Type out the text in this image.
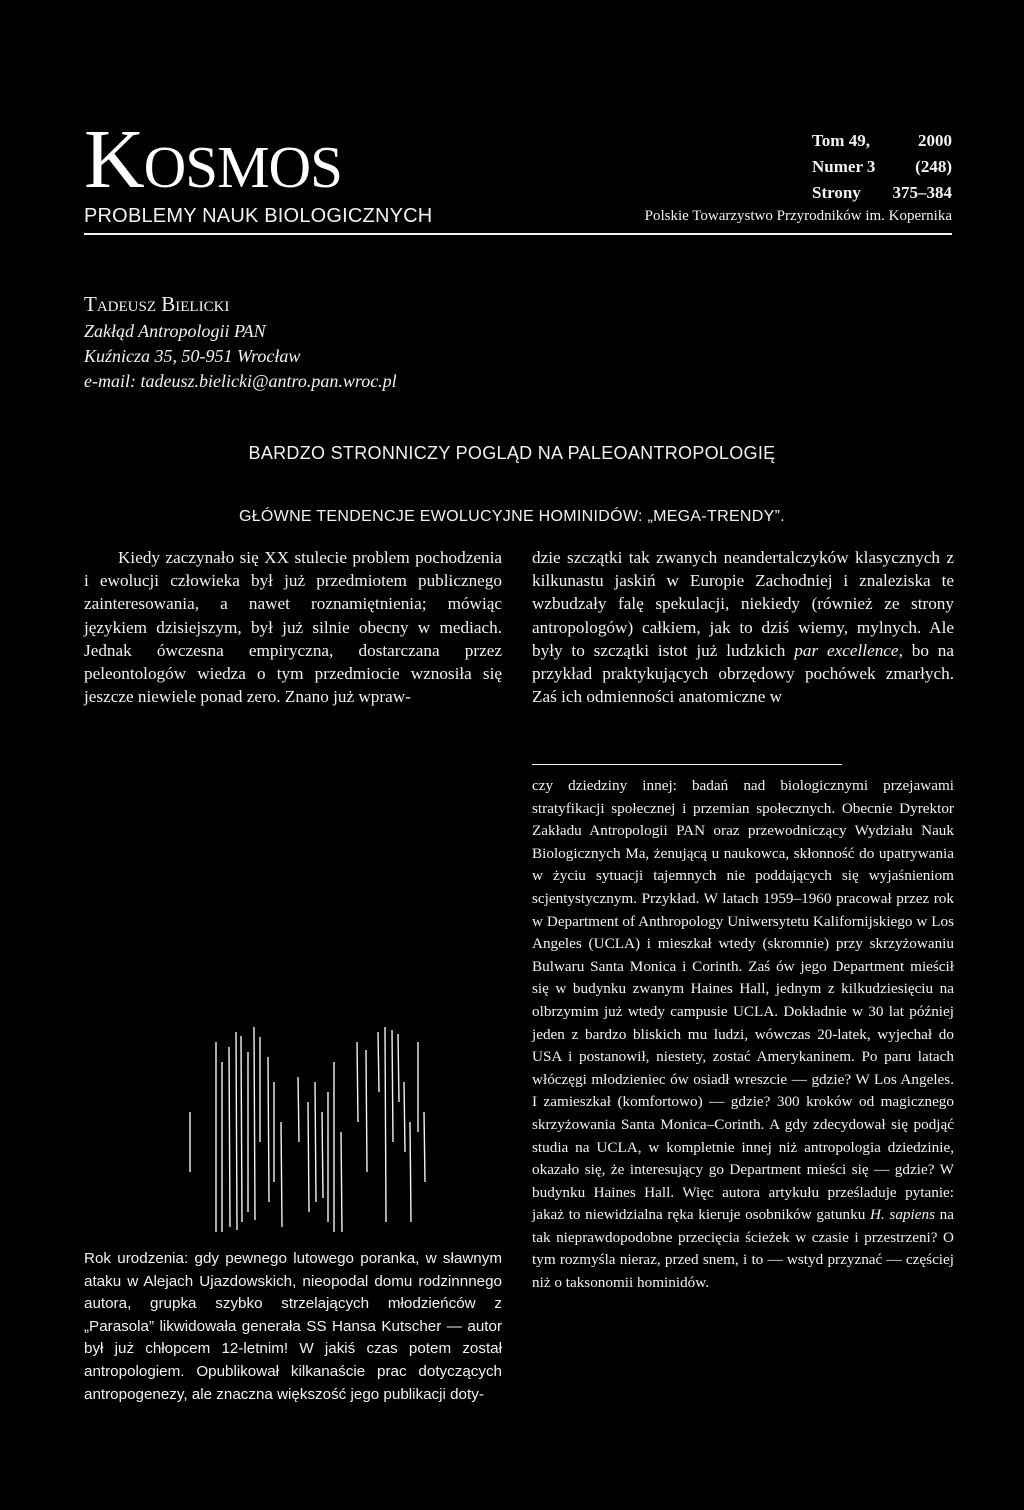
Kosmos
PROBLEMY NAUK BIOLOGICZNYCH
Tom 49,	2000
Numer 3 (248)
Strony 375–384
Polskie Towarzystwo Przyrodników im. Kopernika
Tadeusz Bielicki
Zakłąd Antropologii PAN
Kuźnicza 35, 50-951 Wrocław
e-mail: tadeusz.bielicki@antro.pan.wroc.pl
BARDZO STRONNICZY POGLĄD NA PALEOANTROPOLOGIĘ
GŁÓWNE TENDENCJE EWOLUCYJNE HOMINIDÓW: „MEGA-TRENDY”.

Kiedy zaczynało się XX stulecie problem pochodzenia i ewolucji człowieka był już przedmiotem publicznego zainteresowania, a nawet roznamiętnienia; mówiąc językiem dzisiejszym, był już silnie obecny w mediach. Jednak ówczesna empiryczna, dostarczana przez peleontologów wiedza o tym przedmiocie wznosiła się jeszcze niewiele ponad zero. Znano już wpraw-

dzie szczątki tak zwanych neandertalczyków klasycznych z kilkunastu jaskiń w Europie Zachodniej i znaleziska te wzbudzały falę spekulacji, niekiedy (również ze strony antropologów) całkiem, jak to dziś wiemy, mylnych. Ale były to szczątki istot już ludzkich par excellence, bo na przykład praktykujących obrzędowy pochówek zmarłych. Zaś ich odmienności anatomiczne w

czy dziedziny innej: badań nad biologicznymi przejawami stratyfikacji społecznej i przemian społecznych. Obecnie Dyrektor Zakładu Antropologii PAN oraz przewodniczący Wydziału Nauk Biologicznych Ma, żenującą u naukowca, skłonność do upatrywania w życiu sytuacji tajemnych nie poddających się wyjaśnieniom scjentystycznym. Przykład. W latach 1959–1960 pracował przez rok w Department of Anthropology Uniwersytetu Kalifornijskiego w Los Angeles (UCLA) i mieszkał wtedy (skromnie) przy skrzyżowaniu Bulwaru Santa Monica i Corinth. Zaś ów jego Department mieścił się w budynku zwanym Haines Hall, jednym z kilkudziesięciu na olbrzymim już wtedy campusie UCLA. Dokładnie w 30 lat później jeden z bardzo bliskich mu ludzi, wówczas 20-latek, wyjechał do USA i postanowił, niestety, zostać Amerykaninem. Po paru latach włóczęgi młodzieniec ów osiadł wreszcie — gdzie? W Los Angeles. I zamieszkał (komfortowo) — gdzie? 300 kroków od magicznego skrzyżowania Santa Monica–Corinth. A gdy zdecydował się podjąć studia na UCLA, w kompletnie innej niż antropologia dziedzinie, okazało się, że interesujący go Department mieści się — gdzie? W budynku Haines Hall. Więc autora artykułu prześladuje pytanie: jakaż to niewidzialna ręka kieruje osobników gatunku H. sapiens na tak nieprawdopodobne przecięcia ścieżek w czasie i przestrzeni? O tym rozmyśla nieraz, przed snem, i to — wstyd przyznać — częściej niż o taksonomii hominidów.
Rok urodzenia: gdy pewnego lutowego poranka, w sławnym ataku w Alejach Ujazdowskich, nieopodal domu rodzinnnego autora, grupka szybko strzelających młodzieńców z „Parasola” likwidowała generała SS Hansa Kutscher — autor był już chłopcem 12-letnim! W jakiś czas potem został antropologiem. Opublikował kilkanaście prac dotyczących antropogenezy, ale znaczna większość jego publikacji doty-
